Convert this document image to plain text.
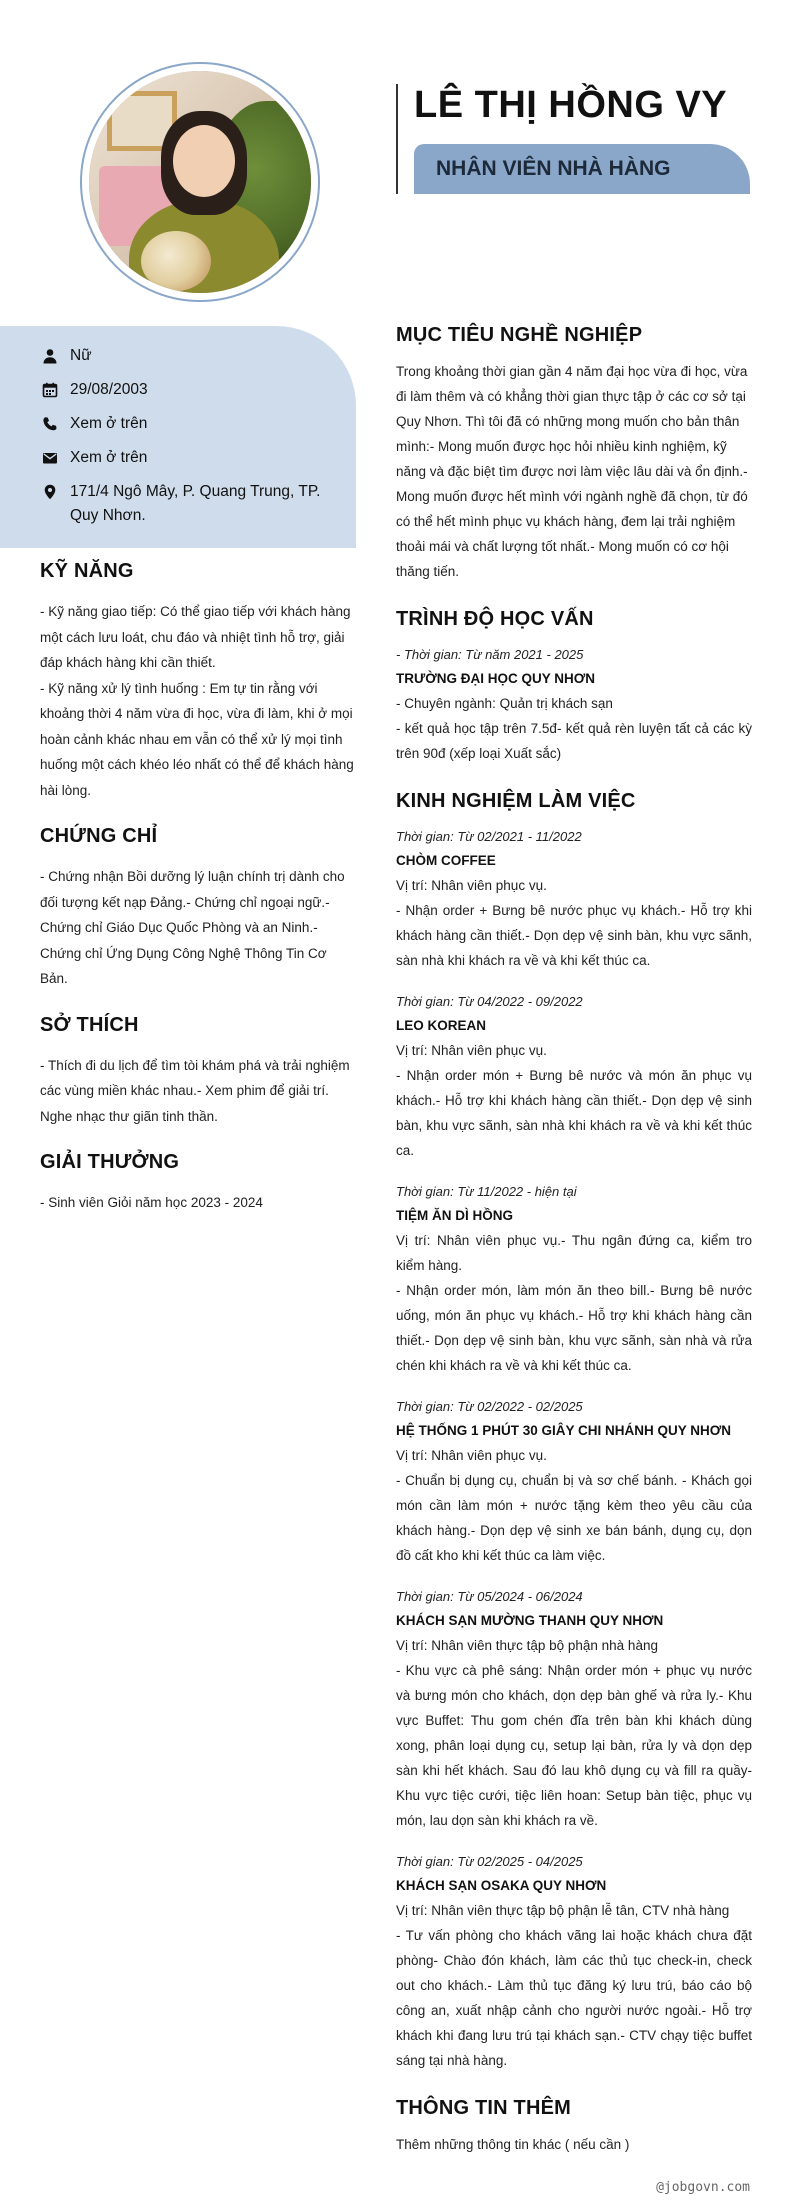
LÊ THỊ HỒNG VY
NHÂN VIÊN NHÀ HÀNG
Nữ
29/08/2003
Xem ở trên
Xem ở trên
171/4 Ngô Mây, P. Quang Trung, TP. Quy Nhơn.
KỸ NĂNG

- Kỹ năng giao tiếp: Có thể giao tiếp với khách hàng một cách lưu loát, chu đáo và nhiệt tình hỗ trợ, giải đáp khách hàng khi cần thiết.

- Kỹ năng xử lý tình huống : Em tự tin rằng với khoảng thời 4 năm vừa đi học, vừa đi làm, khi ở mọi hoàn cảnh khác nhau em vẫn có thể xử lý mọi tình huống một cách khéo léo nhất có thể để khách hàng hài lòng.

CHỨNG CHỈ

- Chứng nhận Bồi dưỡng lý luận chính trị dành cho đối tượng kết nạp Đảng.- Chứng chỉ ngoại ngữ.- Chứng chỉ Giáo Dục Quốc Phòng và an Ninh.- Chứng chỉ Ứng Dụng Công Nghệ Thông Tin Cơ Bản.

SỞ THÍCH

- Thích đi du lịch để tìm tòi khám phá và trải nghiệm các vùng miền khác nhau.- Xem phim để giải trí. Nghe nhạc thư giãn tinh thần.

GIẢI THƯỞNG

- Sinh viên Giỏi năm học 2023 - 2024

MỤC TIÊU NGHỀ NGHIỆP

Trong khoảng thời gian gần 4 năm đại học vừa đi học, vừa đi làm thêm và có khẳng thời gian thực tập ở các cơ sở tại Quy Nhơn. Thì tôi đã có những mong muốn cho bản thân mình:- Mong muốn được học hỏi nhiều kinh nghiệm, kỹ năng và đặc biệt tìm được nơi làm việc lâu dài và ổn định.- Mong muốn được hết mình với ngành nghề đã chọn, từ đó có thể hết mình phục vụ khách hàng, đem lại trải nghiệm thoải mái và chất lượng tốt nhất.- Mong muốn có cơ hội thăng tiến.

TRÌNH ĐỘ HỌC VẤN
- Thời gian: Từ năm 2021 - 2025
TRƯỜNG ĐẠI HỌC QUY NHƠN
- Chuyên ngành: Quản trị khách sạn
- kết quả học tập trên 7.5đ- kết quả rèn luyện tất cả các kỳ trên 90đ (xếp loại Xuất sắc)
KINH NGHIỆM LÀM VIỆC
Thời gian: Từ 02/2021 - 11/2022
CHÒM COFFEE
Vị trí: Nhân viên phục vụ.
- Nhận order + Bưng bê nước phục vụ khách.- Hỗ trợ khi khách hàng cần thiết.- Dọn dẹp vệ sinh bàn, khu vực sãnh, sàn nhà khi khách ra về và khi kết thúc ca.
Thời gian: Từ 04/2022 - 09/2022
LEO KOREAN
Vị trí: Nhân viên phục vụ.
- Nhận order món + Bưng bê nước và món ăn phục vụ khách.- Hỗ trợ khi khách hàng cần thiết.- Dọn dẹp vệ sinh bàn, khu vực sãnh, sàn nhà khi khách ra về và khi kết thúc ca.
Thời gian: Từ 11/2022 - hiện tại
TIỆM ĂN DÌ HỒNG
Vị trí: Nhân viên phục vụ.- Thu ngân đứng ca, kiểm tro kiểm hàng.
- Nhận order món, làm món ăn theo bill.- Bưng bê nước uống, món ăn phục vụ khách.- Hỗ trợ khi khách hàng cần thiết.- Dọn dẹp vệ sinh bàn, khu vực sãnh, sàn nhà và rửa chén khi khách ra về và khi kết thúc ca.
Thời gian: Từ 02/2022 - 02/2025
HỆ THỐNG 1 PHÚT 30 GIÂY CHI NHÁNH QUY NHƠN
Vị trí: Nhân viên phục vụ.
- Chuẩn bị dụng cụ, chuẩn bị và sơ chế bánh. - Khách gọi món cần làm món + nước tặng kèm theo yêu cầu của khách hàng.- Dọn dẹp vệ sinh xe bán bánh, dụng cụ, dọn đồ cất kho khi kết thúc ca làm việc.
Thời gian: Từ 05/2024 - 06/2024
KHÁCH SẠN MƯỜNG THANH QUY NHƠN
Vị trí: Nhân viên thực tập bộ phận nhà hàng
- Khu vực cà phê sáng: Nhận order món + phục vụ nước và bưng món cho khách, dọn dẹp bàn ghế và rửa ly.- Khu vực Buffet: Thu gom chén đĩa trên bàn khi khách dùng xong, phân loại dụng cụ, setup lại bàn, rửa ly và dọn dẹp sàn khi hết khách. Sau đó lau khô dụng cụ và fill ra quầy- Khu vực tiệc cưới, tiệc liên hoan: Setup bàn tiệc, phục vụ món, lau dọn sàn khi khách ra về.
Thời gian: Từ 02/2025 - 04/2025
KHÁCH SẠN OSAKA QUY NHƠN
Vị trí: Nhân viên thực tập bộ phận lễ tân, CTV nhà hàng
- Tư vấn phòng cho khách vãng lai hoặc khách chưa đặt phòng- Chào đón khách, làm các thủ tục check-in, check out cho khách.- Làm thủ tục đăng ký lưu trú, báo cáo bộ công an, xuất nhập cảnh cho người nước ngoài.- Hỗ trợ khách khi đang lưu trú tại khách sạn.- CTV chạy tiệc buffet sáng tại nhà hàng.
THÔNG TIN THÊM

Thêm những thông tin khác ( nếu cần )

@jobgovn.com
